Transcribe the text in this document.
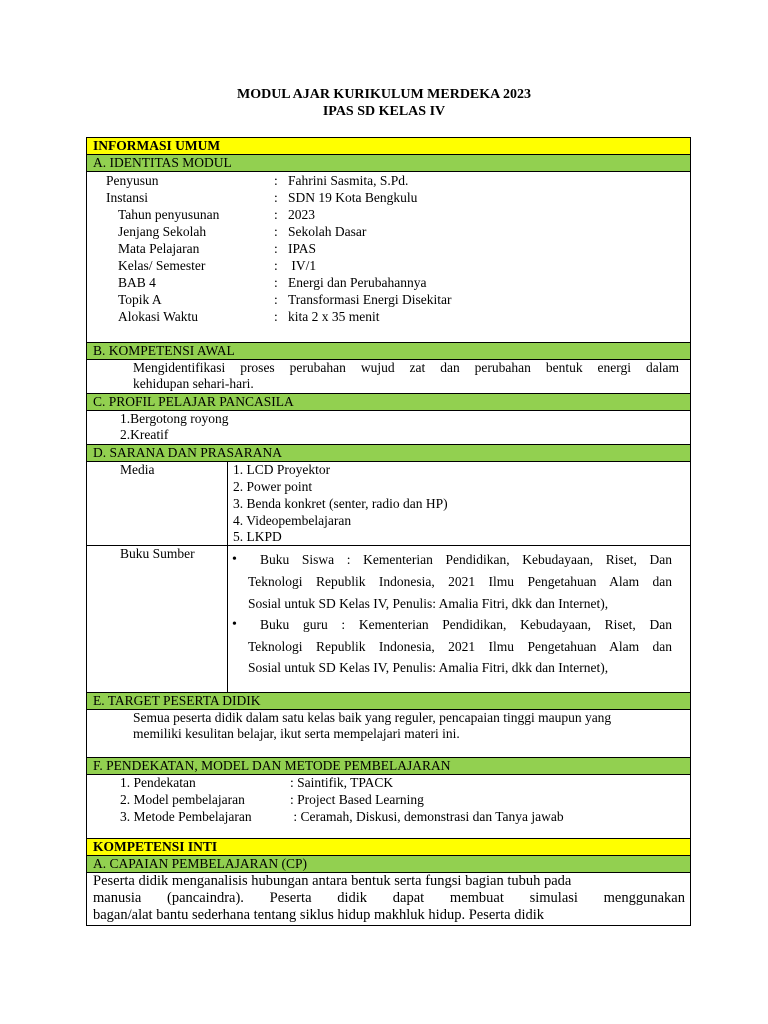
MODUL AJAR KURIKULUM MERDEKA 2023
IPAS SD KELAS IV
INFORMASI UMUM
A. IDENTITAS MODUL
Penyusun	: Fahrini Sasmita, S.Pd.
Instansi	: SDN 19 Kota Bengkulu
Tahun penyusunan	: 2023
Jenjang Sekolah	: Sekolah Dasar
Mata Pelajaran	: IPAS
Kelas/ Semester	: IV/1
BAB 4	: Energi dan Perubahannya
Topik A	: Transformasi Energi Disekitar
Alokasi Waktu	: kita 2 x 35 menit
B. KOMPETENSI AWAL
Mengidentifikasi proses perubahan wujud zat dan perubahan bentuk energi dalam
kehidupan sehari-hari.
C. PROFIL PELAJAR PANCASILA
1.Bergotong royong
2.Kreatif
D. SARANA DAN PRASARANA
Media	1. LCD Proyektor
2. Power point
3. Benda konkret (senter, radio dan HP)
4. Videopembelajaran
5. LKPD
Buku Sumber	• Buku Siswa : Kementerian Pendidikan, Kebudayaan, Riset, Dan
Teknologi Republik Indonesia, 2021 Ilmu Pengetahuan Alam dan
Sosial untuk SD Kelas IV, Penulis: Amalia Fitri, dkk dan Internet),
• Buku guru : Kementerian Pendidikan, Kebudayaan, Riset, Dan
Teknologi Republik Indonesia, 2021 Ilmu Pengetahuan Alam dan
Sosial untuk SD Kelas IV, Penulis: Amalia Fitri, dkk dan Internet),
E. TARGET PESERTA DIDIK
Semua peserta didik dalam satu kelas baik yang reguler, pencapaian tinggi maupun yang
memiliki kesulitan belajar, ikut serta mempelajari materi ini.
F. PENDEKATAN, MODEL DAN METODE PEMBELAJARAN
1. Pendekatan	: Saintifik, TPACK
2. Model pembelajaran	: Project Based Learning
3. Metode Pembelajaran	: Ceramah, Diskusi, demonstrasi dan Tanya jawab
KOMPETENSI INTI
A. CAPAIAN PEMBELAJARAN (CP)
Peserta didik menganalisis hubungan antara bentuk serta fungsi bagian tubuh pada
manusia (pancaindra). Peserta didik dapat membuat simulasi menggunakan
bagan/alat bantu sederhana tentang siklus hidup makhluk hidup. Peserta didik
